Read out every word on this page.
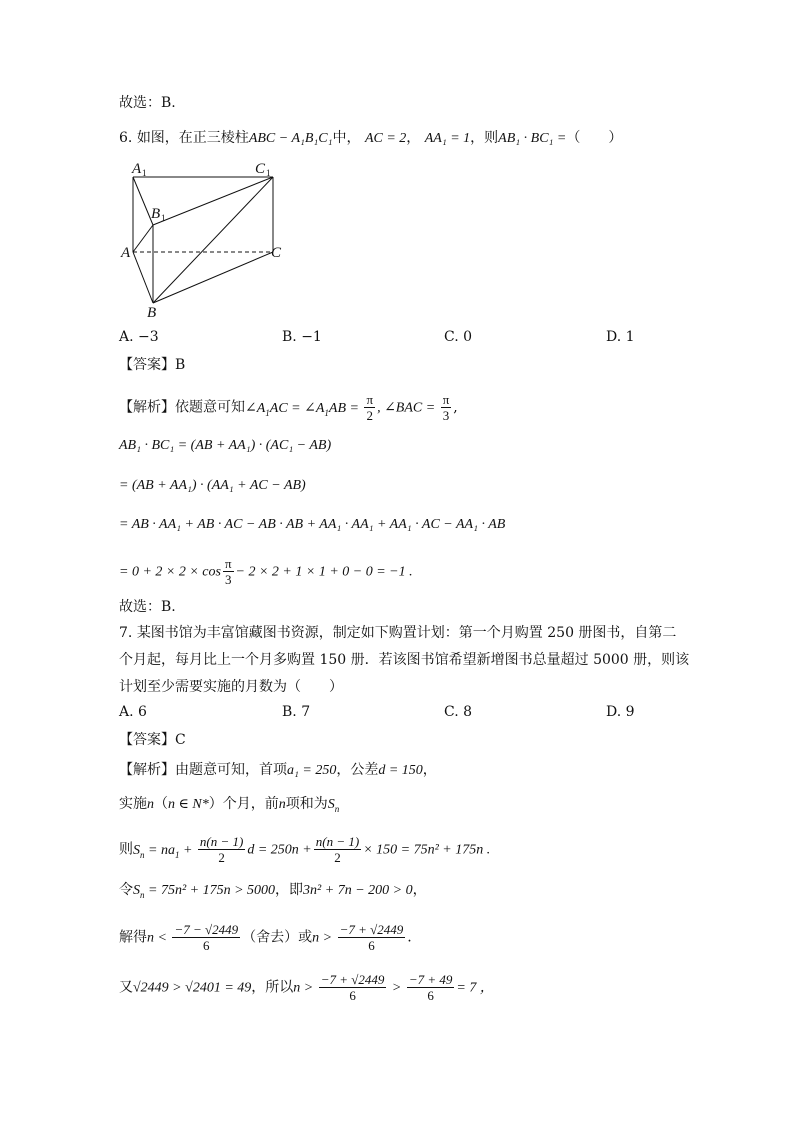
故选：B.
6. 如图，在正三棱柱ABC − A₁B₁C₁中， AC = 2， AA₁ = 1，则AB₁ · BC₁ =（　　）
A 1	C 1
B 1
A	C
B
A. −3	B. −1	C. 0	D. 1
【答案】B
【解析】依题意可知$\angle A_1AC$ = $\angle A_1AB = \frac{\pi}{2}$ , ∠BAC = $\frac{\pi}{3}$ ,
AB₁ · BC₁ = (AB + AA₁) · (AC₁ − AB)
= (AB + AA₁) · (AA₁ + AC − AB)
= AB · AA₁ + AB · AC − AB · AB + AA₁ · AA₁ + AA₁ · AC − AA₁ · AB
= $0 + 2 \times 2 \times \cos \frac{\pi}{3} - 2 \times 2 + 1 \times 1 + 0 - 0 = -1$ .
故选：B.
7. 某图书馆为丰富馆藏图书资源，制定如下购置计划：第一个月购置 250 册图书，自第二
个月起，每月比上一个月多购置 150 册．若该图书馆希望新增图书总量超过 5000 册，则该
计划至少需要实施的月数为（　　）
A. 6	B. 7	C. 8	D. 9
【答案】C
【解析】由题意可知，首项a₁ = 250，公差d = 150，
实施n（n ∈ N*）个月，前n项和为$S_n$
则$S_n = na_1 + \frac{n(n - 1)}{2}$ $d = 250n + \frac{n(n - 1)}{2} \times 150 = 75n^2 + 175n$ .
令$S_n = 75n^2 + 175n > 5000$，即3n² + 7n − 200 > 0，
解得$n < \frac{-7 - √2449}{6}$ （舍去）或$n > \frac{-7 + √2449}{6}$ .
又√2449 > √2401 = 49，所以$n > \frac{-7 + √2449}{6} > \frac{-7 + 49}{6} = 7$ ，
